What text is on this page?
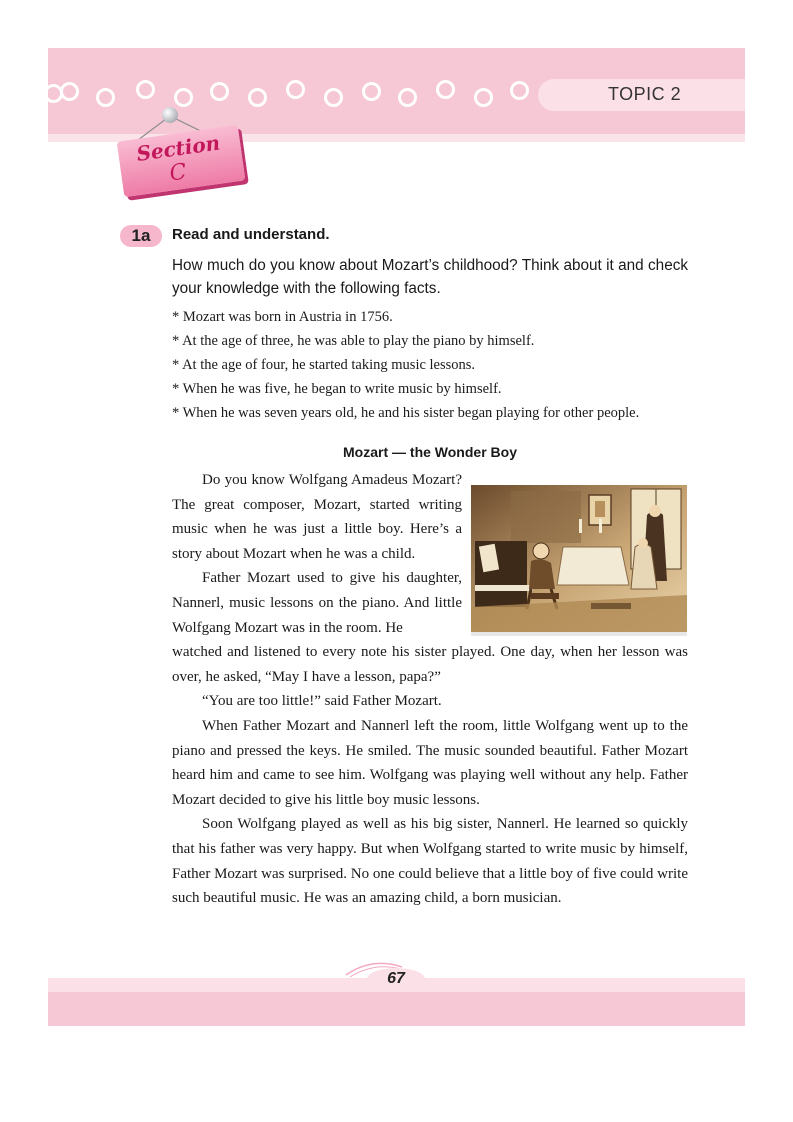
TOPIC 2
Section
C
1a	Read and understand.
How much do you know about Mozart’s childhood? Think about it and check your knowledge with the following facts.
* Mozart was born in Austria in 1756.
* At the age of three, he was able to play the piano by himself.
* At the age of four, he started taking music lessons.
* When he was five, he began to write music by himself.
* When he was seven years old, he and his sister began playing for other people.
Mozart — the Wonder Boy

Do you know Wolfgang Amadeus Mozart? The great composer, Mozart, started writing music when he was just a little boy. Here’s a story about Mozart when he was a child.

Father Mozart used to give his daughter, Nannerl, music lessons on the piano. And little Wolfgang Mozart was in the room. He

watched and listened to every note his sister played. One day, when her lesson was over, he asked, “May I have a lesson, papa?”

“You are too little!” said Father Mozart.

When Father Mozart and Nannerl left the room, little Wolfgang went up to the piano and pressed the keys. He smiled. The music sounded beautiful. Father Mozart heard him and came to see him. Wolfgang was playing well without any help. Father Mozart decided to give his little boy music lessons.

Soon Wolfgang played as well as his big sister, Nannerl. He learned so quickly that his father was very happy. But when Wolfgang started to write music by himself, Father Mozart was surprised. No one could believe that a little boy of five could write such beautiful music. He was an amazing child, a born musician.

67
